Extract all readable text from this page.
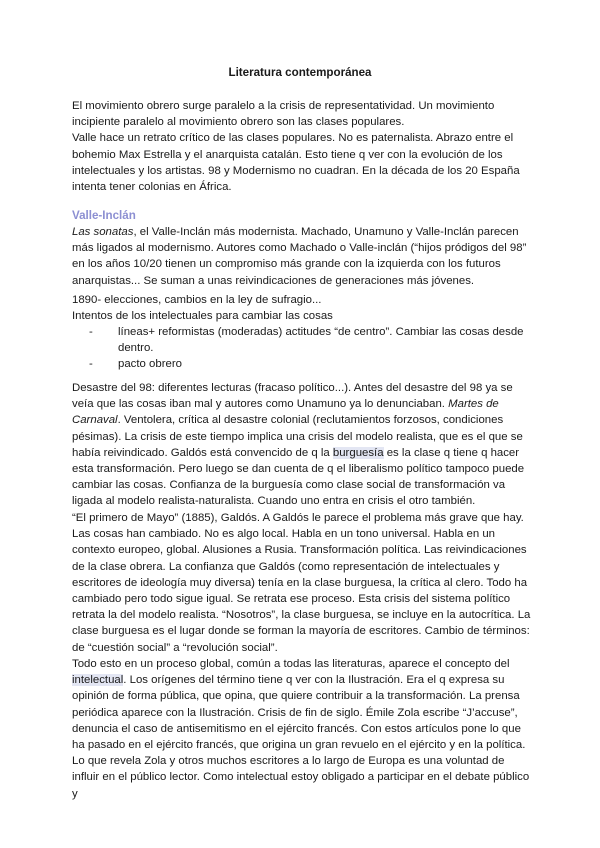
Literatura contemporánea

El movimiento obrero surge paralelo a la crisis de representatividad. Un movimiento incipiente paralelo al movimiento obrero son las clases populares.
Valle hace un retrato crítico de las clases populares. No es paternalista. Abrazo entre el bohemio Max Estrella y el anarquista catalán. Esto tiene q ver con la evolución de los intelectuales y los artistas. 98 y Modernismo no cuadran. En la década de los 20 España intenta tener colonias en África.

Valle-Inclán

Las sonatas, el Valle-Inclán más modernista. Machado, Unamuno y Valle-Inclán parecen más ligados al modernismo. Autores como Machado o Valle-inclán (“hijos pródigos del 98” en los años 10/20 tienen un compromiso más grande con la izquierda con los futuros anarquistas... Se suman a unas reivindicaciones de generaciones más jóvenes.

1890- elecciones, cambios en la ley de sufragio...
Intentos de los intelectuales para cambiar las cosas

- líneas+ reformistas (moderadas) actitudes “de centro”. Cambiar las cosas desde dentro.
- pacto obrero

Desastre del 98: diferentes lecturas (fracaso político...). Antes del desastre del 98 ya se veía que las cosas iban mal y autores como Unamuno ya lo denunciaban. Martes de Carnaval. Ventolera, crítica al desastre colonial (reclutamientos forzosos, condiciones pésimas). La crisis de este tiempo implica una crisis del modelo realista, que es el que se había reivindicado. Galdós está convencido de q la burguesía es la clase q tiene q hacer esta transformación. Pero luego se dan cuenta de q el liberalismo político tampoco puede cambiar las cosas. Confianza de la burguesía como clase social de transformación va ligada al modelo realista-naturalista. Cuando uno entra en crisis el otro también.

“El primero de Mayo” (1885), Galdós. A Galdós le parece el problema más grave que hay. Las cosas han cambiado. No es algo local. Habla en un tono universal. Habla en un contexto europeo, global. Alusiones a Rusia. Transformación política. Las reivindicaciones de la clase obrera. La confianza que Galdós (como representación de intelectuales y escritores de ideología muy diversa) tenía en la clase burguesa, la crítica al clero. Todo ha cambiado pero todo sigue igual. Se retrata ese proceso. Esta crisis del sistema político retrata la del modelo realista. “Nosotros”, la clase burguesa, se incluye en la autocrítica. La clase burguesa es el lugar donde se forman la mayoría de escritores. Cambio de términos: de “cuestión social” a “revolución social”.

Todo esto en un proceso global, común a todas las literaturas, aparece el concepto del intelectual. Los orígenes del término tiene q ver con la Ilustración. Era el q expresa su opinión de forma pública, que opina, que quiere contribuir a la transformación. La prensa periódica aparece con la Ilustración. Crisis de fin de siglo. Émile Zola escribe “J’accuse”, denuncia el caso de antisemitismo en el ejército francés. Con estos artículos pone lo que ha pasado en el ejército francés, que origina un gran revuelo en el ejército y en la política. Lo que revela Zola y otros muchos escritores a lo largo de Europa es una voluntad de influir en el público lector. Como intelectual estoy obligado a participar en el debate público y
